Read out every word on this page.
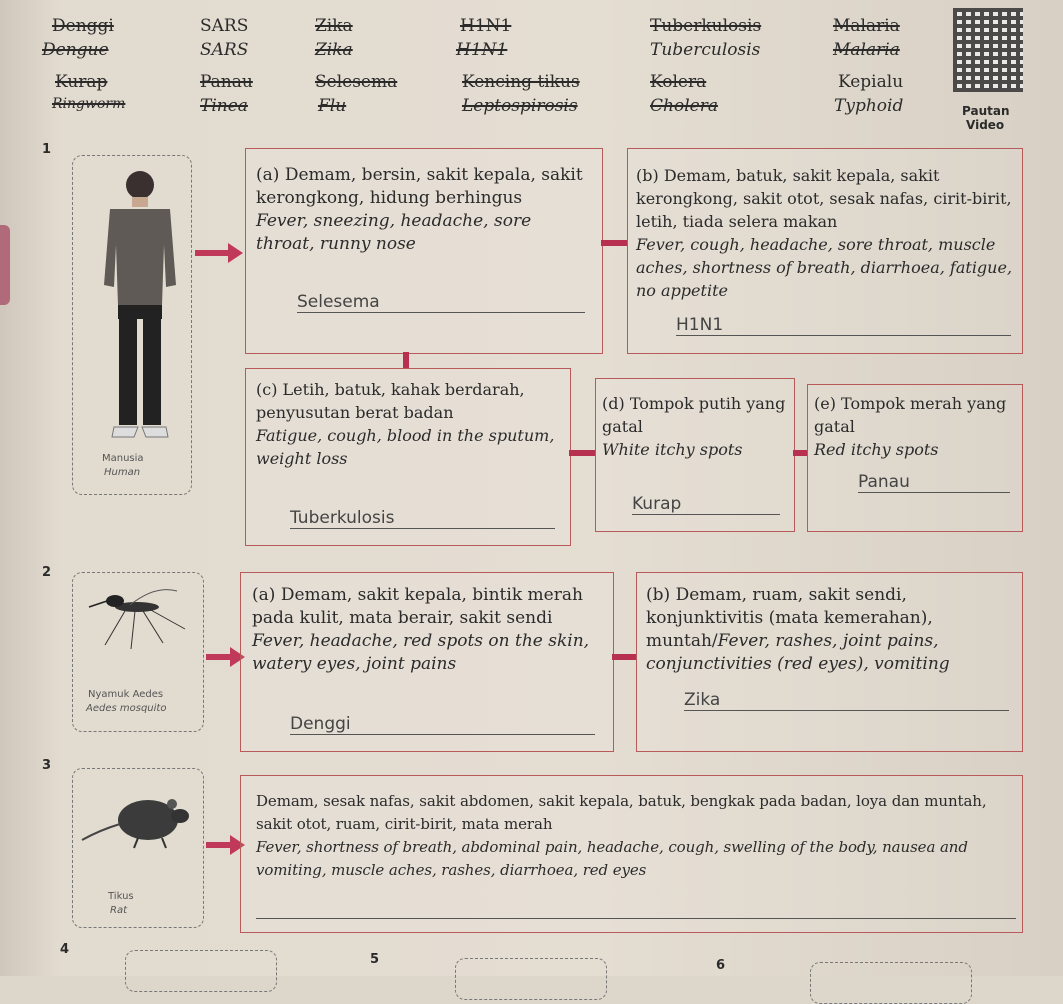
Denggi
Dengue
SARS
SARS
Zika
Zika
H1N1
H1N1
Tuberkulosis
Tuberculosis
Malaria
Malaria
Kurap
Ringworm
Panau
Tinea
Selesema
Flu
Kencing tikus
Leptospirosis
Kolera
Cholera
Kepialu
Typhoid	Pautan
Video
1
Manusia
Human
(a) Demam, bersin, sakit kepala, sakit kerongkong, hidung berhingus
Fever, sneezing, headache, sore throat, runny nose
Selesema
(b) Demam, batuk, sakit kepala, sakit kerongkong, sakit otot, sesak nafas, cirit-birit, letih, tiada selera makan
Fever, cough, headache, sore throat, muscle aches, shortness of breath, diarrhoea, fatigue, no appetite
H1N1
(c) Letih, batuk, kahak berdarah, penyusutan berat badan
Fatigue, cough, blood in the sputum, weight loss
Tuberkulosis
(d) Tompok putih yang gatal
White itchy spots
Kurap
(e) Tompok merah yang gatal
Red itchy spots
Panau
2
Nyamuk Aedes
Aedes mosquito
(a) Demam, sakit kepala, bintik merah pada kulit, mata berair, sakit sendi
Fever, headache, red spots on the skin, watery eyes, joint pains
Denggi
(b) Demam, ruam, sakit sendi, konjunktivitis (mata kemerahan), muntah/Fever, rashes, joint pains, conjunctivities (red eyes), vomiting
Zika
3
Tikus
Rat
Demam, sesak nafas, sakit abdomen, sakit kepala, batuk, bengkak pada badan, loya dan muntah, sakit otot, ruam, cirit-birit, mata merah
Fever, shortness of breath, abdominal pain, headache, cough, swelling of the body, nausea and vomiting, muscle aches, rashes, diarrhoea, red eyes
4
5	6
